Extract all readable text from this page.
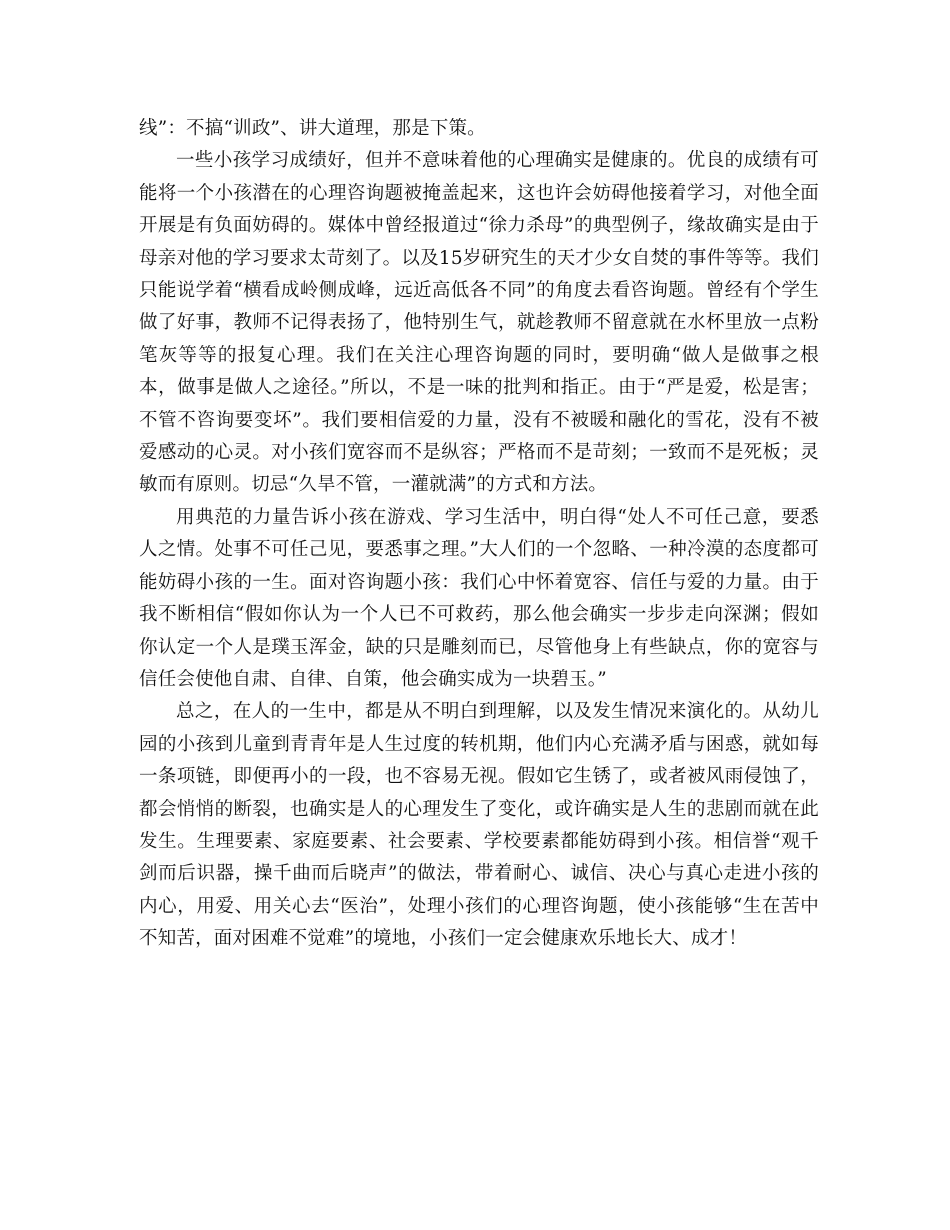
线”：不搞“训政”、讲大道理，那是下策。

一些小孩学习成绩好，但并不意味着他的心理确实是健康的。优良的成绩有可能将一个小孩潜在的心理咨询题被掩盖起来，这也许会妨碍他接着学习，对他全面开展是有负面妨碍的。媒体中曾经报道过“徐力杀母”的典型例子，缘故确实是由于母亲对他的学习要求太苛刻了。以及15岁研究生的天才少女自焚的事件等等。我们只能说学着“横看成岭侧成峰，远近高低各不同”的角度去看咨询题。曾经有个学生做了好事，教师不记得表扬了，他特别生气，就趁教师不留意就在水杯里放一点粉笔灰等等的报复心理。我们在关注心理咨询题的同时，要明确“做人是做事之根本，做事是做人之途径。”所以，不是一味的批判和指正。由于“严是爱，松是害；不管不咨询要变坏”。我们要相信爱的力量，没有不被暖和融化的雪花，没有不被爱感动的心灵。对小孩们宽容而不是纵容；严格而不是苛刻；一致而不是死板；灵敏而有原则。切忌“久旱不管，一灌就满”的方式和方法。

用典范的力量告诉小孩在游戏、学习生活中，明白得“处人不可任己意，要悉人之情。处事不可任己见，要悉事之理。”大人们的一个忽略、一种冷漠的态度都可能妨碍小孩的一生。面对咨询题小孩：我们心中怀着宽容、信任与爱的力量。由于我不断相信“假如你认为一个人已不可救药，那么他会确实一步步走向深渊；假如你认定一个人是璞玉浑金，缺的只是雕刻而已，尽管他身上有些缺点，你的宽容与信任会使他自肃、自律、自策，他会确实成为一块碧玉。”

总之，在人的一生中，都是从不明白到理解，以及发生情况来演化的。从幼儿园的小孩到儿童到青青年是人生过度的转机期，他们内心充满矛盾与困惑，就如每一条项链，即便再小的一段，也不容易无视。假如它生锈了，或者被风雨侵蚀了，都会悄悄的断裂，也确实是人的心理发生了变化，或许确实是人生的悲剧而就在此发生。生理要素、家庭要素、社会要素、学校要素都能妨碍到小孩。相信誉“观千剑而后识器，操千曲而后晓声”的做法，带着耐心、诚信、决心与真心走进小孩的内心，用爱、用关心去“医治”，处理小孩们的心理咨询题，使小孩能够“生在苦中不知苦，面对困难不觉难”的境地，小孩们一定会健康欢乐地长大、成才！
